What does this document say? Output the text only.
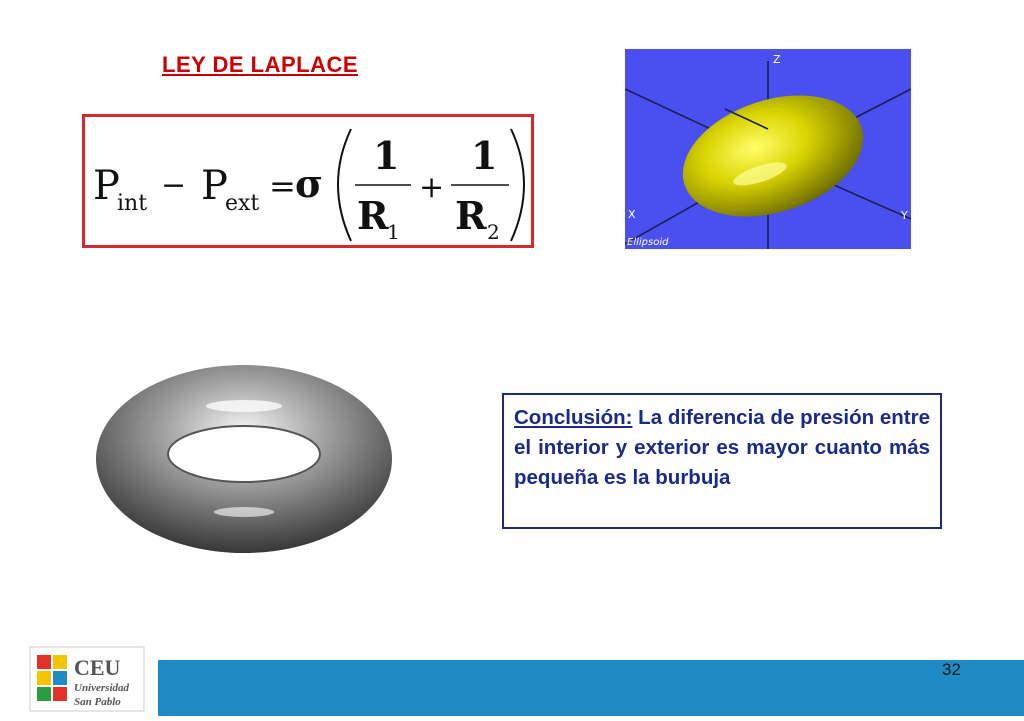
LEY DE LAPLACE
P
int
− P
ext = σ
1
R
1
+
1
R 2
Z
X	Y
Ellipsoid
Conclusión: La diferencia de presión entre el interior y exterior es mayor cuanto más pequeña es la burbuja
CEU
Universidad
San Pablo
32
